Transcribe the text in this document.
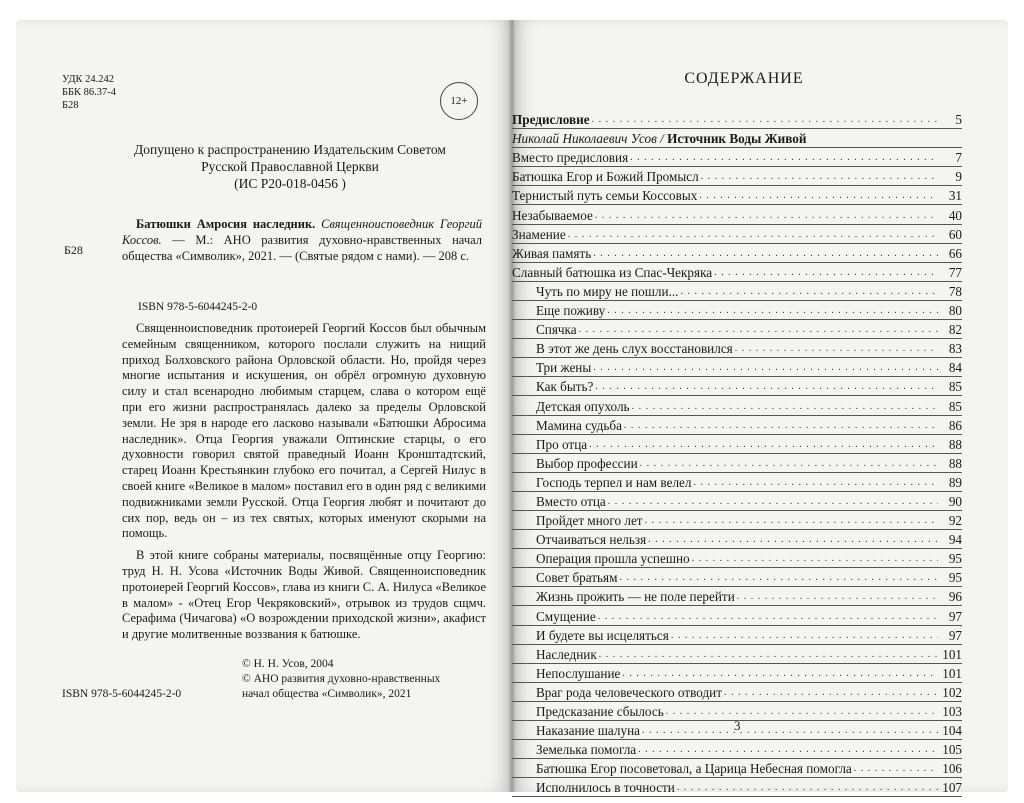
УДК 24.242
ББК 86.37-4
Б28	12+
Допущено к распространению Издательским Советом
Русской Православной Церкви
(ИС Р20-018-0456 )
Б28
Батюшки Амросия наследник. Священноисповедник Георгий Коссов. — М.: АНО развития духовно-нравственных начал общества «Символик», 2021. — (Святые рядом с нами). — 208 с.
ISBN 978-5-6044245-2-0

Священноисповедник протоиерей Георгий Коссов был обычным семейным священником, которого послали служить на нищий приход Болховского района Орловской области. Но, пройдя через многие испытания и искушения, он обрёл огромную духовную силу и стал всенародно любимым старцем, слава о котором ещё при его жизни распространялась далеко за пределы Орловской земли. Не зря в народе его ласково называли «Батюшки Абросима наследник». Отца Георгия уважали Оптинские старцы, о его духовности говорил святой праведный Иоанн Кронштадтский, старец Иоанн Крестьянкин глубоко его почитал, а Сергей Нилус в своей книге «Великое в малом» поставил его в один ряд с великими подвижниками земли Русской. Отца Георгия любят и почитают до сих пор, ведь он – из тех святых, которых именуют скорыми на помощь.

В этой книге собраны материалы, посвящённые отцу Георгию: труд Н. Н. Усова «Источник Воды Живой. Священноисповедник протоиерей Георгий Коссов», глава из книги С. А. Нилуса «Великое в малом» - «Отец Егор Чекряковский», отрывок из трудов сщмч. Серафима (Чичагова) «О возрождении приходской жизни», акафист и другие молитвенные воззвания к батюшке.

ISBN 978-5-6044245-2-0
© Н. Н. Усов, 2004
© АНО развития духовно-нравственных
начал общества «Символик», 2021
СОДЕРЖАНИЕ
Предисловие . . .	5
Николай Николаевич Усов / Источник Воды Живой
Вместо предисловия . . .	7
Батюшка Егор и Божий Промысл . . .	9
Тернистый путь семьи Коссовых . . .	31
Незабываемое . . .	40
Знамение . . .	60
Живая память . . .	66
Славный батюшка из Спас-Чекряка . . .	77
Чуть по миру не пошли... . . .	78
Еще поживу . . .	80
Спячка . . .	82
В этот же день слух восстановился . . .	83
Три жены . . .	84
Как быть? . . .	85
Детская опухоль . . .	85
Мамина судьба . . .	86
Про отца . . .	88
Выбор профессии . . .	88
Господь терпел и нам велел . . .	89
Вместо отца . . .	90
Пройдет много лет . . .	92
Отчаиваться нельзя . . .	94
Операция прошла успешно . . .	95
Совет братьям . . .	95
Жизнь прожить — не поле перейти . . .	96
Смущение . . .	97
И будете вы исцеляться . . .	97
Наследник . . .	101
Непослушание . . .	101
Враг рода человеческого отводит . . .	102
Предсказание сбылось . . .	103
Наказание шалуна . . .	104
Земелька помогла . . .	105
Батюшка Егор посоветовал, а Царица Небесная помогла . . .	106
Исполнилось в точности . . .	107
3
